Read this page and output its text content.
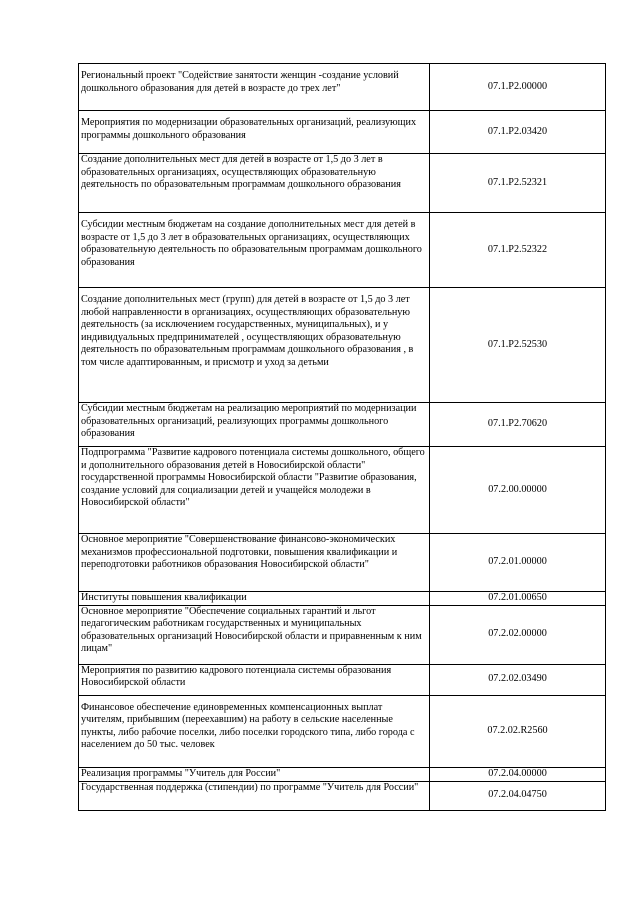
Региональный проект "Содействие занятости женщин -создание условий дошкольного образования для детей в возрасте до трех лет"	07.1.P2.00000
Мероприятия по модернизации образовательных организаций, реализующих программы дошкольного образования	07.1.P2.03420
Создание дополнительных мест для детей в возрасте от 1,5 до 3 лет в образовательных организациях, осуществляющих образовательную деятельность по образовательным программам дошкольного образования	07.1.P2.52321
Субсидии местным бюджетам на создание дополнительных мест для детей в возрасте от 1,5 до 3 лет в образовательных организациях, осуществляющих образовательную деятельность по образовательным программам дошкольного образования	07.1.P2.52322
Создание дополнительных мест (групп) для детей в возрасте от 1,5 до 3 лет любой направленности в организациях, осуществляющих образовательную деятельность (за исключением государственных, муниципальных), и у индивидуальных предпринимателей , осуществляющих образовательную деятельность по образовательным программам дошкольного образования , в том числе адаптированным, и присмотр и уход за детьми	07.1.P2.52530
Субсидии местным бюджетам на реализацию мероприятий по модернизации образовательных организаций, реализующих программы дошкольного образования	07.1.P2.70620
Подпрограмма "Развитие кадрового потенциала системы дошкольного, общего и дополнительного образования детей в Новосибирской области" государственной программы Новосибирской области "Развитие образования, создание условий для социализации детей и учащейся молодежи в Новосибирской области"	07.2.00.00000
Основное мероприятие "Совершенствование финансово-экономических механизмов профессиональной подготовки, повышения квалификации и переподготовки работников образования Новосибирской области"	07.2.01.00000
Институты повышения квалификации	07.2.01.00650
Основное мероприятие "Обеспечение социальных гарантий и льгот педагогическим работникам государственных и муниципальных образовательных организаций Новосибирской области и приравненным к ним лицам"	07.2.02.00000
Мероприятия по развитию кадрового потенциала системы образования Новосибирской области	07.2.02.03490
Финансовое обеспечение единовременных компенсационных выплат учителям, прибывшим (переехавшим) на работу в сельские населенные пункты, либо рабочие поселки, либо поселки городского типа, либо города с населением до 50 тыс. человек	07.2.02.R2560
Реализация программы "Учитель для России"	07.2.04.00000
Государственная поддержка (стипендии) по программе "Учитель для России"	07.2.04.04750
